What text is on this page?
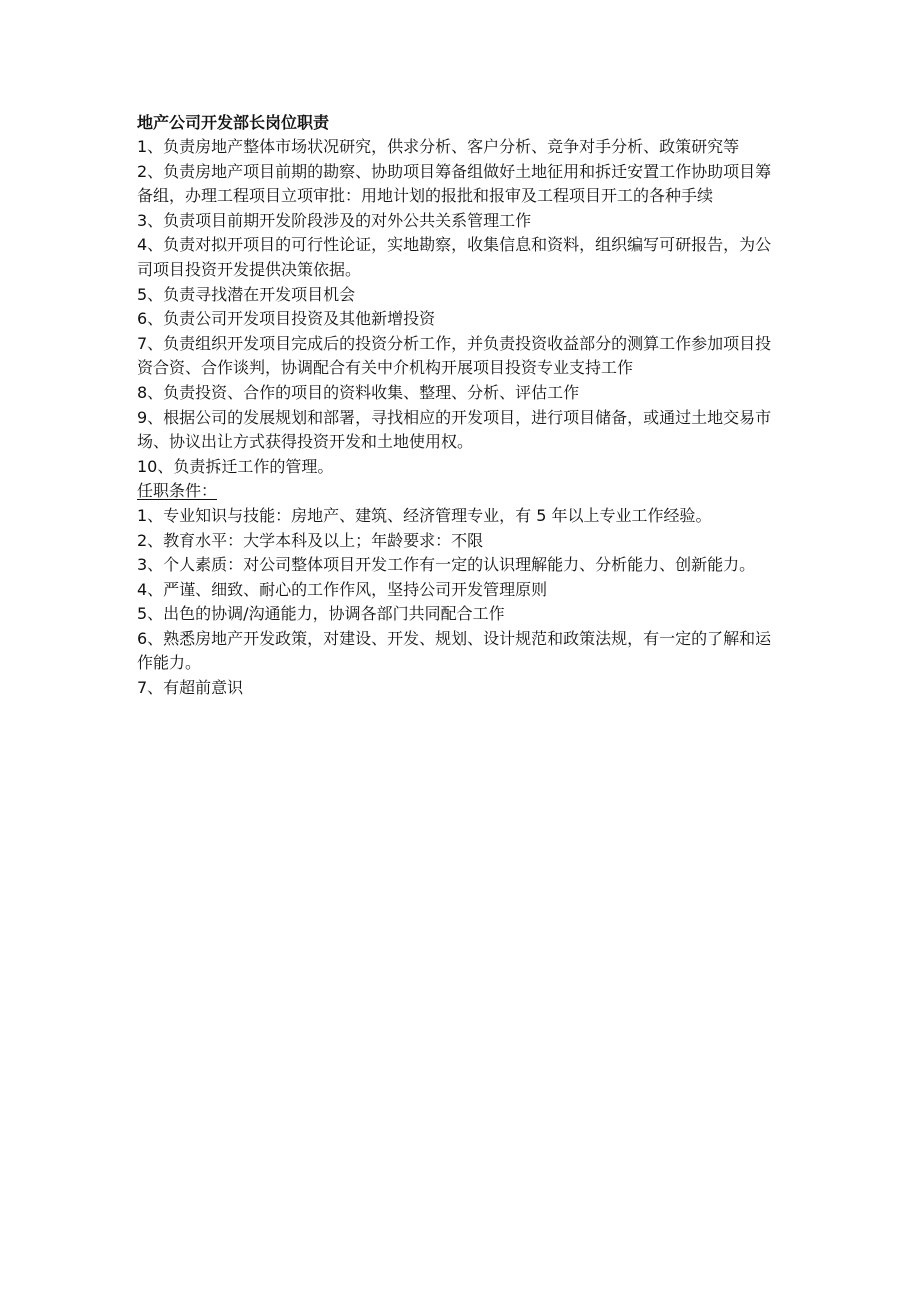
地产公司开发部长岗位职责

1、负责房地产整体市场状况研究，供求分析、客户分析、竞争对手分析、政策研究等

2、负责房地产项目前期的勘察、协助项目筹备组做好土地征用和拆迁安置工作协助项目筹备组，办理工程项目立项审批：用地计划的报批和报审及工程项目开工的各种手续

3、负责项目前期开发阶段涉及的对外公共关系管理工作

4、负责对拟开项目的可行性论证，实地勘察，收集信息和资料，组织编写可研报告，为公司项目投资开发提供决策依据。

5、负责寻找潜在开发项目机会

6、负责公司开发项目投资及其他新增投资

7、负责组织开发项目完成后的投资分析工作，并负责投资收益部分的测算工作参加项目投资合资、合作谈判，协调配合有关中介机构开展项目投资专业支持工作

8、负责投资、合作的项目的资料收集、整理、分析、评估工作

9、根据公司的发展规划和部署，寻找相应的开发项目，进行项目储备，或通过土地交易市场、协议出让方式获得投资开发和土地使用权。

10、负责拆迁工作的管理。

任职条件：

1、专业知识与技能：房地产、建筑、经济管理专业，有 5 年以上专业工作经验。

2、教育水平：大学本科及以上；年龄要求：不限

3、个人素质：对公司整体项目开发工作有一定的认识理解能力、分析能力、创新能力。

4、严谨、细致、耐心的工作作风，坚持公司开发管理原则

5、出色的协调/沟通能力，协调各部门共同配合工作

6、熟悉房地产开发政策，对建设、开发、规划、设计规范和政策法规，有一定的了解和运作能力。

7、有超前意识
